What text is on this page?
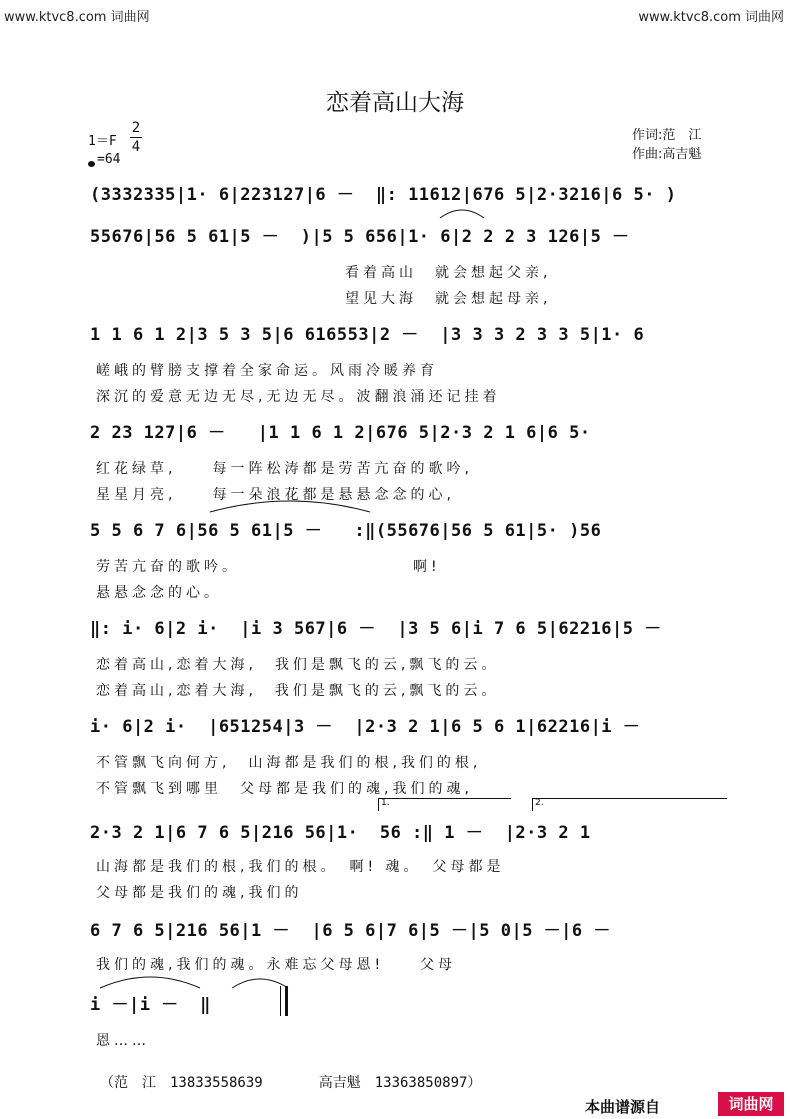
www.ktvc8.com 词曲网	www.ktvc8.com 词曲网
恋着高山大海
1＝F
2
4
=64
作词:范　江
作曲:高吉魁
(3332335|1· 6|223127|6 －  ‖: 11612|676 5|2·3216|6 5· )
55676|56 5 61|5 －  )|5 5 656|1· 6|2 2 2 3 126|5 －
看着高山　就会想起父亲,
望见大海　就会想起母亲,
1 1 6 1 2|3 5 3 5|6 616553|2 －  |3 3 3 2 3 3 5|1· 6
嵯峨的臂膀支撑着全家命运。风雨冷暖养育
深沉的爱意无边无尽,无边无尽。波翻浪涌还记挂着
2 23 127|6 －   |1 1 6 1 2|676 5|2·3 2 1 6|6 5·
红花绿草,　　每一阵松涛都是劳苦亢奋的歌吟,
星星月亮,　　每一朵浪花都是悬悬念念的心,
5 5 6 7 6|56 5 61|5 －   :‖(55676|56 5 61|5· )56
劳苦亢奋的歌吟。　　　　　　　　　　啊!
悬悬念念的心。
‖: i· 6|2 i·  |i 3 567|6 －  |3 5 6|i 7 6 5|62216|5 －
恋着高山,恋着大海,　我们是飘飞的云,飘飞的云。
恋着高山,恋着大海,　我们是飘飞的云,飘飞的云。
i· 6|2 i·  |651254|3 －  |2·3 2 1|6 5 6 1|62216|i －
不管飘飞向何方,　山海都是我们的根,我们的根,
不管飘飞到哪里　父母都是我们的魂,我们的魂,
1.	2.
2·3 2 1|6 7 6 5|216 56|1·  56 :‖ 1 －  |2·3 2 1
山海都是我们的根,我们的根。　啊! 魂。　父母都是
父母都是我们的魂,我们的
6 7 6 5|216 56|1 －  |6 5 6|7 6|5 －|5 0|5 －|6 －
我们的魂,我们的魂。永难忘父母恩!　　父母
i －|i －  ‖
恩……
（范　江　13833558639　　　　高吉魁　13363850897）
本曲谱源自	词曲网
